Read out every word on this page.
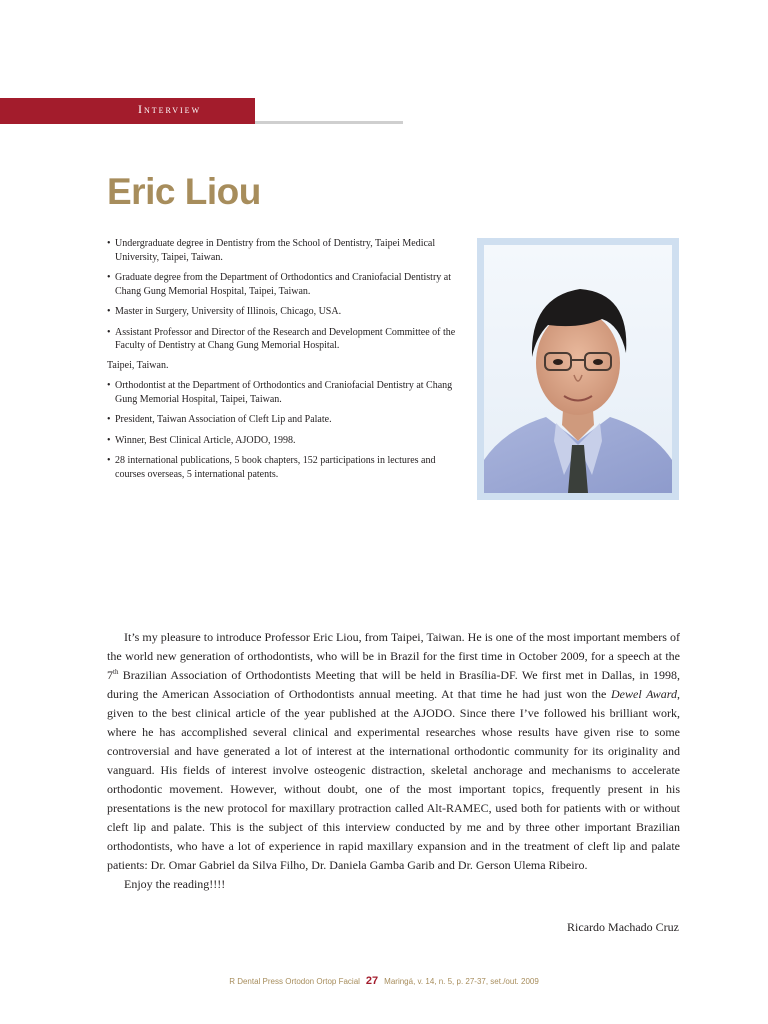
Interview
Eric Liou
• Undergraduate degree in Dentistry from the School of Dentistry, Taipei Medical University, Taipei, Taiwan.
• Graduate degree from the Department of Orthodontics and Craniofacial Dentistry at Chang Gung Memorial Hospital, Taipei, Taiwan.
• Master in Surgery, University of Illinois, Chicago, USA.
• Assistant Professor and Director of the Research and Development Committee of the Faculty of Dentistry at Chang Gung Memorial Hospital.
Taipei, Taiwan.
• Orthodontist at the Department of Orthodontics and Craniofacial Dentistry at Chang Gung Memorial Hospital, Taipei, Taiwan.
• President, Taiwan Association of Cleft Lip and Palate.
• Winner, Best Clinical Article, AJODO, 1998.
• 28 international publications, 5 book chapters, 152 participations in lectures and courses overseas, 5 international patents.

It’s my pleasure to introduce Professor Eric Liou, from Taipei, Taiwan. He is one of the most important members of the world new generation of orthodontists, who will be in Brazil for the first time in October 2009, for a speech at the 7th Brazilian Association of Orthodontists Meeting that will be held in Brasília-DF. We first met in Dallas, in 1998, during the American Association of Orthodontists annual meeting. At that time he had just won the Dewel Award, given to the best clinical article of the year published at the AJODO. Since there I’ve followed his brilliant work, where he has accomplished several clinical and experimental researches whose results have given rise to some controversial and have generated a lot of interest at the international orthodontic community for its originality and vanguard. His fields of interest involve osteogenic distraction, skeletal anchorage and mechanisms to accelerate orthodontic movement. However, without doubt, one of the most important topics, frequently present in his presentations is the new protocol for maxillary protraction called Alt-RAMEC, used both for patients with or without cleft lip and palate. This is the subject of this interview conducted by me and by three other important Brazilian orthodontists, who have a lot of experience in rapid maxillary expansion and in the treatment of cleft lip and palate patients: Dr. Omar Gabriel da Silva Filho, Dr. Daniela Gamba Garib and Dr. Gerson Ulema Ribeiro.

Enjoy the reading!!!!

Ricardo Machado Cruz
R Dental Press Ortodon Ortop Facial 27 Maringá, v. 14, n. 5, p. 27-37, set./out. 2009
